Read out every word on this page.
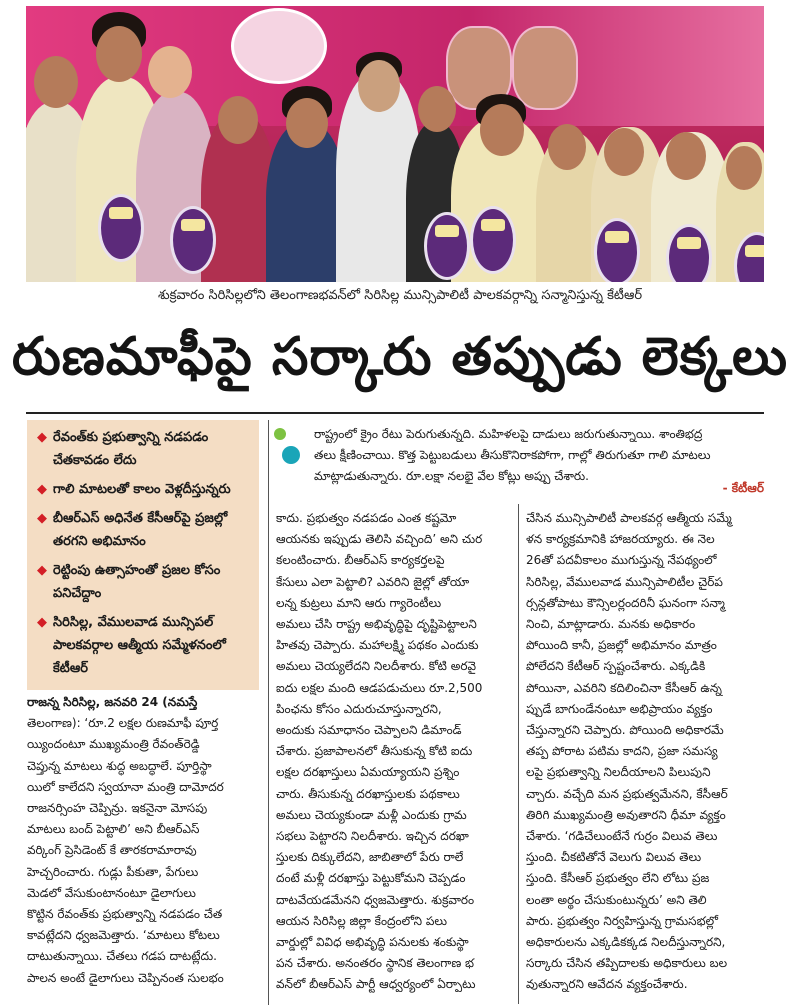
శుక్రవారం సిరిసిల్లలోని తెలంగాణభవన్‌లో సిరిసిల్ల మున్సిపాలిటీ పాలకవర్గాన్ని సన్మానిస్తున్న కేటీఆర్
రుణమాఫీపై సర్కారు తప్పుడు లెక్కలు
◆ రేవంత్‌కు ప్రభుత్వాన్ని నడపడం చేతకావడం లేదు
◆ గాలి మాటలతో కాలం వెళ్లదీస్తున్నరు
◆ బీఆర్‌ఎస్ అధినేత కేసీఆర్‌పై ప్రజల్లో తరగని అభిమానం
◆ రెట్టింపు ఉత్సాహంతో ప్రజల కోసం పనిచేద్దాం
◆ సిరిసిల్ల, వేములవాడ మున్సిపల్ పాలకవర్గాల ఆత్మీయ సమ్మేళనంలో కేటీఆర్
రాష్ట్రంలో క్రైం రేటు పెరుగుతున్నది. మహిళలపై దాడులు జరుగుతున్నాయి. శాంతిభద్ర
తలు క్షీణించాయి. కొత్త పెట్టుబడులు తీసుకొనిరాకపోగా, గాల్లో తిరుగుతూ గాలి మాటలు
మాట్లాడుతున్నారు. రూ.లక్షా నలభై వేల కోట్లు అప్పు చేశారు.
- కేటీఆర్
రాజన్న సిరిసిల్ల, జనవరి 24 (నమస్తే
తెలంగాణ): ‘రూ.2 లక్షల రుణమాఫీ పూర్త
య్యిందంటూ ముఖ్యమంత్రి రేవంత్‌రెడ్డి
చెప్తున్న మాటలు శుద్ధ అబద్ధాలే. పూర్తిస్థా
యిలో కాలేదని స్వయానా మంత్రి దామోదర
రాజనర్సింహ చెప్పిన్రు. ఇకనైనా మోసపు
మాటలు బంద్ పెట్టాలి’ అని బీఆర్‌ఎస్
వర్కింగ్ ప్రెసిడెంట్ కే తారకరామారావు
హెచ్చరించారు. గుడ్లు పీకుతా, పేగులు
మెడలో వేసుకుంటానంటూ డైలాగులు
కొట్టిన రేవంత్‌కు ప్రభుత్వాన్ని నడపడం చేత
కావట్లేదని ధ్వజమెత్తారు. ‘మాటలు కోటలు
దాటుతున్నాయి. చేతలు గడప దాటట్లేదు.
పాలన అంటే డైలాగులు చెప్పినంత సులభం
కాదు. ప్రభుత్వం నడపడం ఎంత కష్టమో
ఆయనకు ఇప్పుడు తెలిసి వచ్చింది’ అని చుర
కలంటించారు. బీఆర్‌ఎస్ కార్యకర్తలపై
కేసులు ఎలా పెట్టాలి? ఎవరిని జైల్లో తోయా
లన్న కుట్రలు మాని ఆరు గ్యారెంటీలు
అమలు చేసి రాష్ట్ర అభివృద్ధిపై దృష్టిపెట్టాలని
హితవు చెప్పారు. మహాలక్ష్మి పథకం ఎందుకు
అమలు చెయ్యలేదని నిలదీశారు. కోటి అరవై
ఐదు లక్షల మంది ఆడపడుచులు రూ.2,500
పింఛను కోసం ఎదురుచూస్తున్నారని,
అందుకు సమాధానం చెప్పాలని డిమాండ్
చేశారు. ప్రజాపాలనలో తీసుకున్న కోటి ఐదు
లక్షల దరఖాస్తులు ఏమయ్యాయని ప్రశ్నిం
చారు. తీసుకున్న దరఖాస్తులకు పథకాలు
అమలు చెయ్యకుండా మళ్లీ ఎందుకు గ్రామ
సభలు పెట్టారని నిలదీశారు. ఇచ్చిన దరఖా
స్తులకు దిక్కులేదని, జాబితాలో పేరు రాలే
దంటే మళ్లీ దరఖాస్తు పెట్టుకోమని చెప్పడం
దాటవేయడమేనని ధ్వజమెత్తారు. శుక్రవారం
ఆయన సిరిసిల్ల జిల్లా కేంద్రంలోని పలు
వార్డుల్లో వివిధ అభివృద్ధి పనులకు శంకుస్థా
పన చేశారు. అనంతరం స్థానిక తెలంగాణ భ
వన్‌లో బీఆర్‌ఎస్ పార్టీ ఆధ్వర్యంలో ఏర్పాటు
చేసిన మున్సిపాలిటీ పాలకవర్గ ఆత్మీయ సమ్మే
ళన కార్యక్రమానికి హాజరయ్యారు. ఈ నెల
26తో పదవీకాలం ముగుస్తున్న నేపథ్యంలో
సిరిసిల్ల, వేములవాడ మున్సిపాలిటీల చైర్‌ప
ర్సన్లతోపాటు కౌన్సిలర్లందరినీ ఘనంగా సన్మా
నించి, మాట్లాడారు. మనకు అధికారం
పోయింది కానీ, ప్రజల్లో అభిమానం మాత్రం
పోలేదని కేటీఆర్ స్పష్టంచేశారు. ఎక్కడికి
పోయినా, ఎవరిని కదిలించినా కేసీఆర్ ఉన్న
ప్పుడే బాగుండేనంటూ అభిప్రాయం వ్యక్తం
చేస్తున్నారని చెప్పారు. పోయింది అధికారమే
తప్ప పోరాట పటిమ కాదని, ప్రజా సమస్య
లపై ప్రభుత్వాన్ని నిలదీయాలని పిలుపుని
చ్చారు. వచ్చేది మన ప్రభుత్వమేనని, కేసీఆర్
తిరిగి ముఖ్యమంత్రి అవుతారని ధీమా వ్యక్తం
చేశారు. ‘గడిచేలుంటేనే గుర్రం విలువ తెలు
స్తుంది. చీకటితోనే వెలుగు విలువ తెలు
స్తుంది. కేసీఆర్ ప్రభుత్వం లేని లోటు ప్రజ
లంతా అర్థం చేసుకుంటున్నరు’ అని తెలి
పారు. ప్రభుత్వం నిర్వహిస్తున్న గ్రామసభల్లో
అధికారులను ఎక్కడికక్కడ నిలదీస్తున్నారని,
సర్కారు చేసిన తప్పిదాలకు అధికారులు బల
వుతున్నారని ఆవేదన వ్యక్తంచేశారు.
